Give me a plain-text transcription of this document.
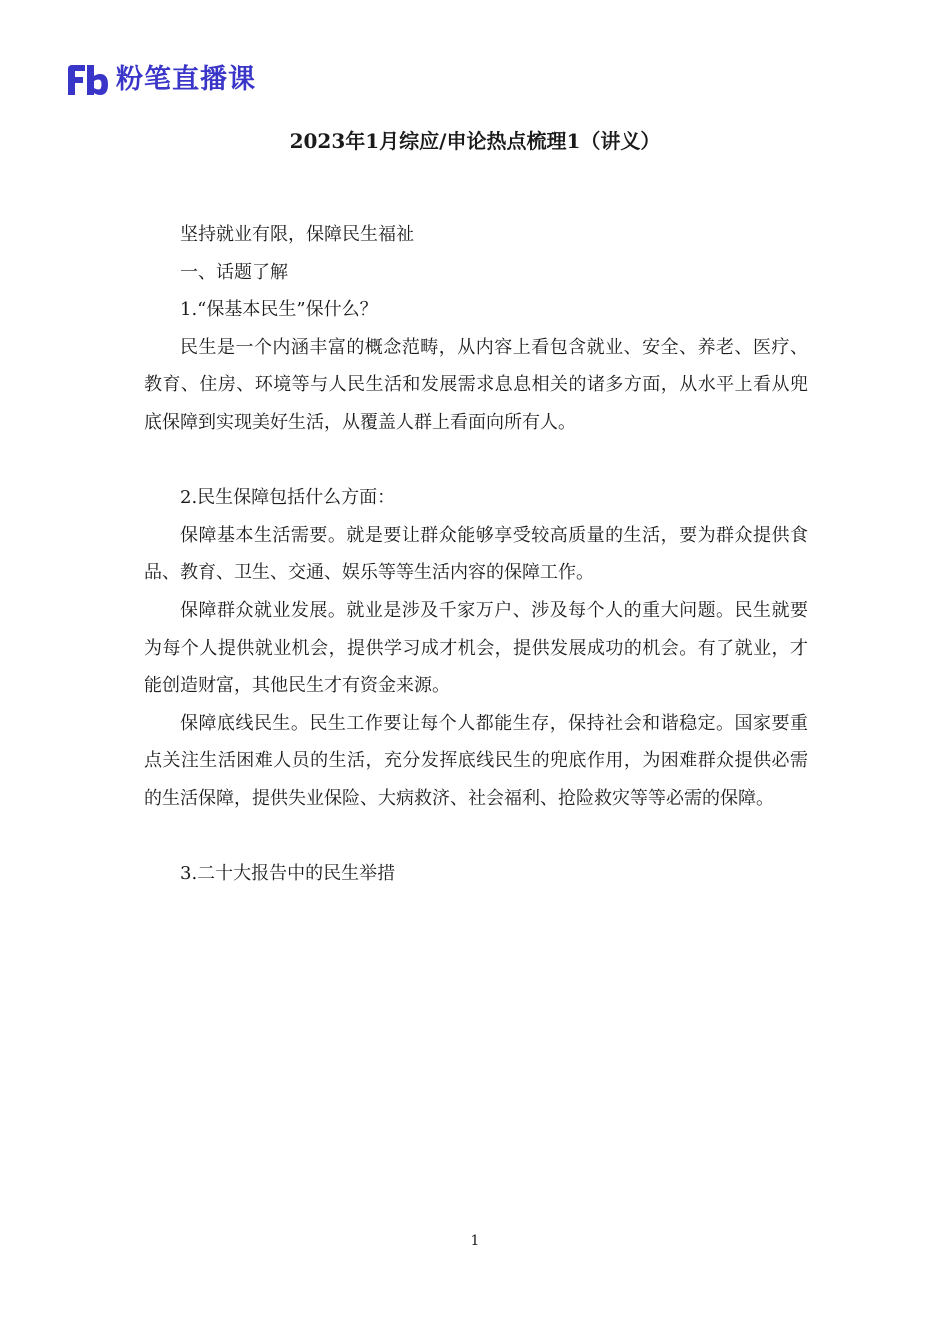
粉笔直播课
2023年1月综应/申论热点梳理1（讲义）

坚持就业有限，保障民生福祉

一、话题了解

1.“保基本民生”保什么？

民生是一个内涵丰富的概念范畴，从内容上看包含就业、安全、养老、医疗、教育、住房、环境等与人民生活和发展需求息息相关的诸多方面，从水平上看从兜底保障到实现美好生活，从覆盖人群上看面向所有人。

2.民生保障包括什么方面：

保障基本生活需要。就是要让群众能够享受较高质量的生活，要为群众提供食品、教育、卫生、交通、娱乐等等生活内容的保障工作。

保障群众就业发展。就业是涉及千家万户、涉及每个人的重大问题。民生就要为每个人提供就业机会，提供学习成才机会，提供发展成功的机会。有了就业，才能创造财富，其他民生才有资金来源。

保障底线民生。民生工作要让每个人都能生存，保持社会和谐稳定。国家要重点关注生活困难人员的生活，充分发挥底线民生的兜底作用，为困难群众提供必需的生活保障，提供失业保险、大病救济、社会福利、抢险救灾等等必需的保障。

3.二十大报告中的民生举措

1
